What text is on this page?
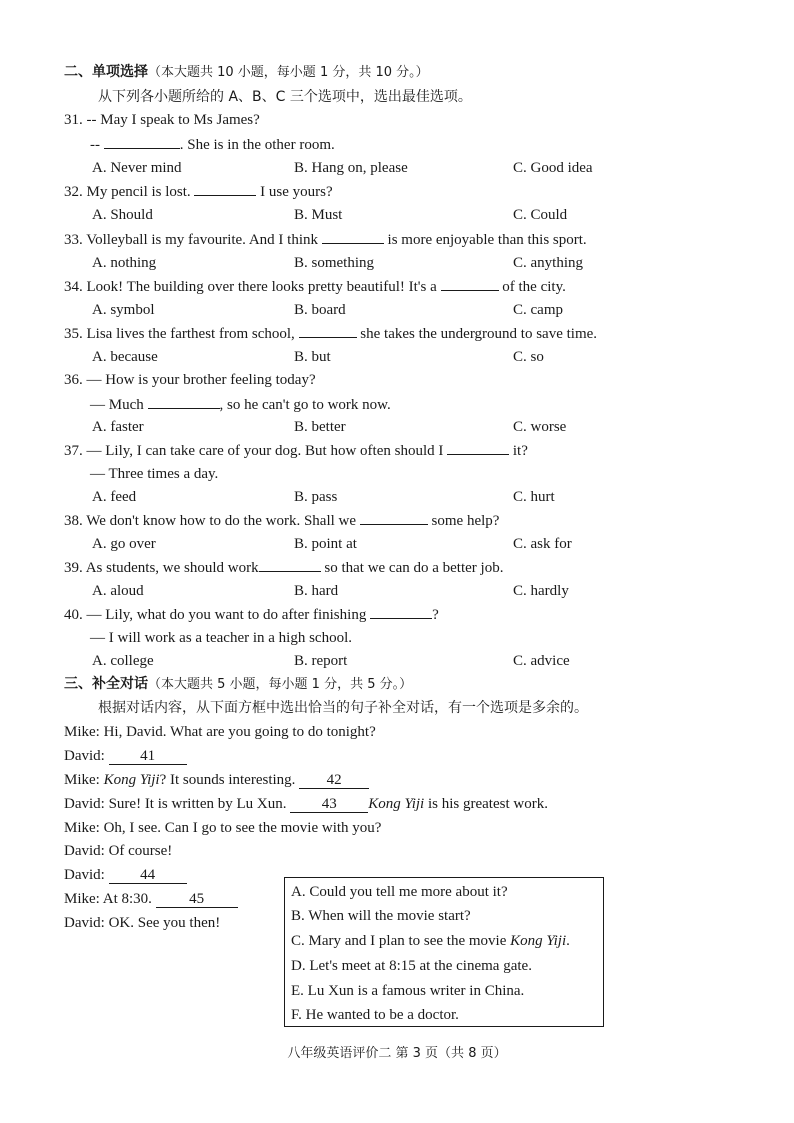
二、单项选择（本大题共 10 小题，每小题 1 分，共 10 分。）
从下列各小题所给的 A、B、C 三个选项中，选出最佳选项。
31. -- May I speak to Ms James?
--	. She is in the other room.
A. Never mind	B. Hang on, please	C. Good idea
32. My pencil is lost.	I use yours?
A. Should	B. Must	C. Could
33. Volleyball is my favourite. And I think	is more enjoyable than this sport.
A. nothing	B. something	C. anything
34. Look! The building over there looks pretty beautiful! It's a	of the city.
A. symbol	B. board	C. camp
35. Lisa lives the farthest from school,	she takes the underground to save time.
A. because	B. but	C. so
36. — How is your brother feeling today?
— Much	, so he can't go to work now.
A. faster	B. better	C. worse
37. — Lily, I can take care of your dog. But how often should I	it?
— Three times a day.
A. feed	B. pass	C. hurt
38. We don't know how to do the work. Shall we	some help?
A. go over	B. point at	C. ask for
39. As students, we should work	so that we can do a better job.
A. aloud	B. hard	C. hardly
40. — Lily, what do you want to do after finishing	?
— I will work as a teacher in a high school.
A. college	B. report	C. advice
三、补全对话（本大题共 5 小题，每小题 1 分，共 5 分。）
根据对话内容，从下面方框中选出恰当的句子补全对话，有一个选项是多余的。
Mike: Hi, David. What are you going to do tonight?
David: 41
Mike: Kong Yiji? It sounds interesting. 42
David: Sure! It is written by Lu Xun. 43 Kong Yiji is his greatest work.
Mike: Oh, I see. Can I go to see the movie with you?
David: Of course!
David: 44
Mike: At 8:30. 45
David: OK. See you then!
A. Could you tell me more about it?
B. When will the movie start?
C. Mary and I plan to see the movie Kong Yiji.
D. Let's meet at 8:15 at the cinema gate.
E. Lu Xun is a famous writer in China.
F. He wanted to be a doctor.
八年级英语评价二 第 3 页（共 8 页）
